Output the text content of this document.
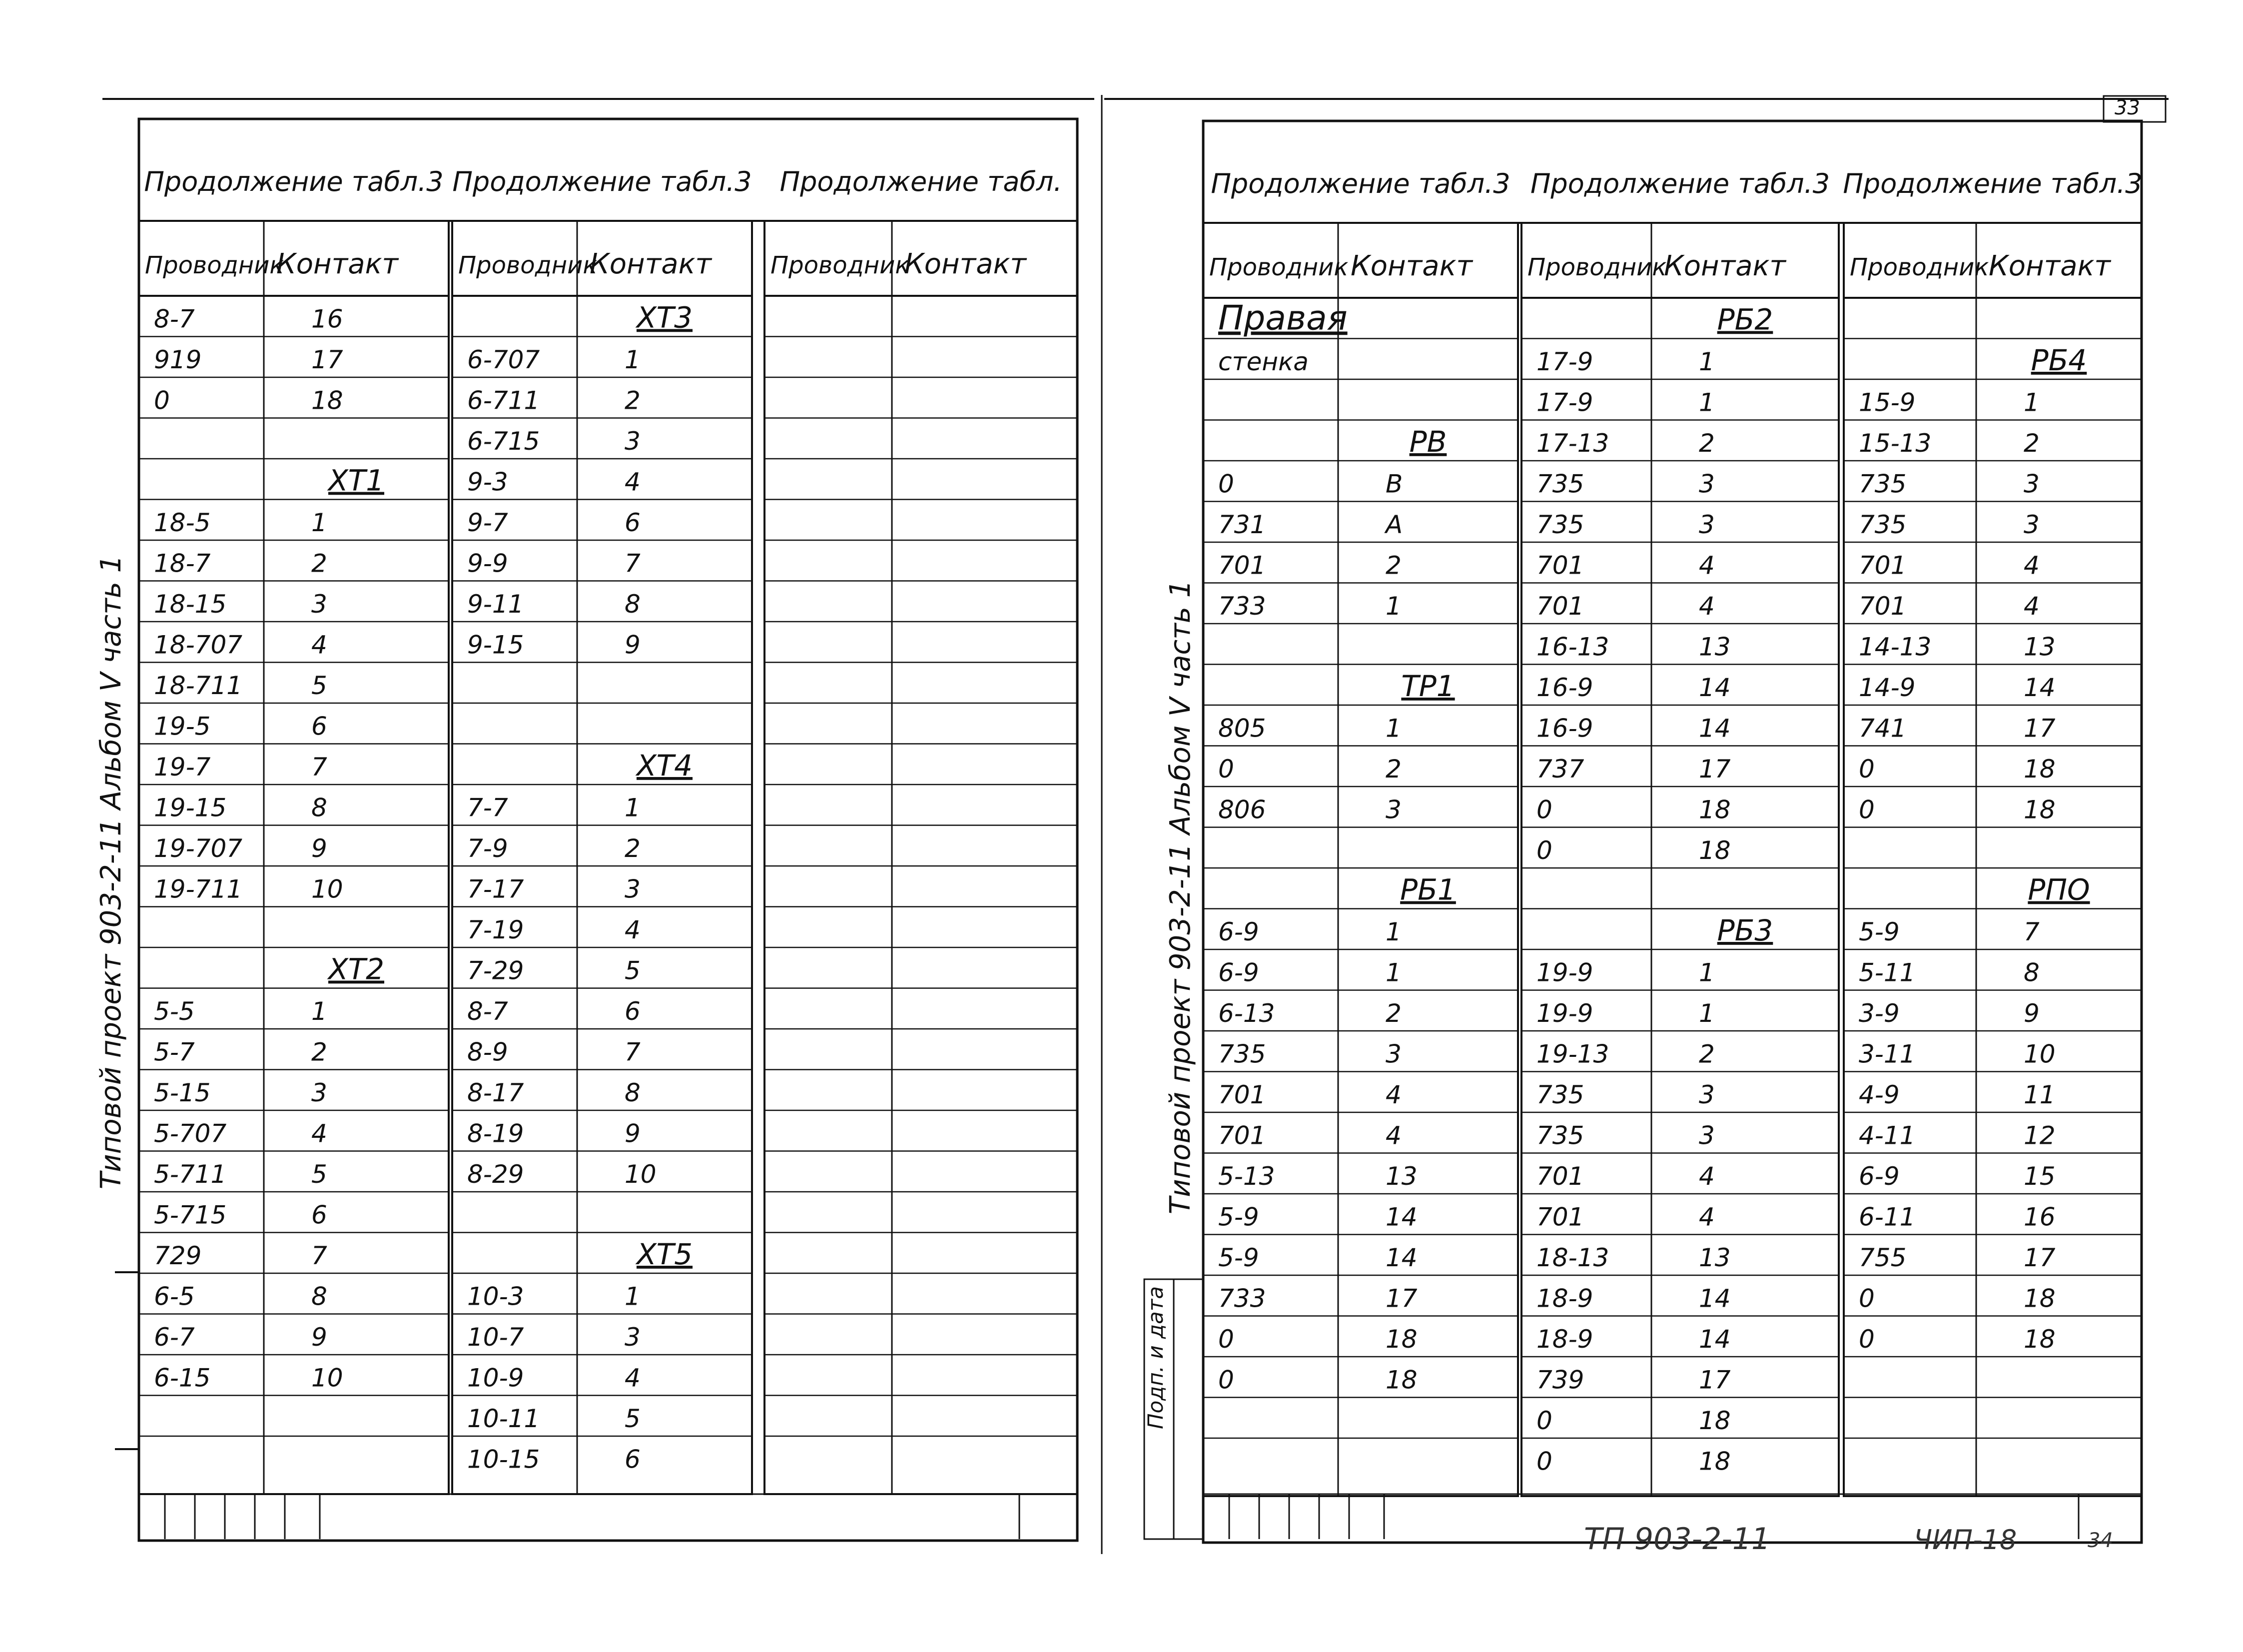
Продолжение табл.3
Проводник
Контакт
8-7	16
919	17
0	18
ХТ1
18-5	1
18-7	2
18-15	3
18-707	4
18-711	5
19-5	6
19-7	7
19-15	8
19-707	9
19-711	10
ХТ2
5-5	1
5-7	2
5-15	3
5-707	4
5-711	5
5-715	6
729	7
6-5	8
6-7	9
6-15	10
Продолжение табл.3
Проводник
Контакт
ХТ3
6-707	1
6-711	2
6-715	3
9-3	4
9-7	6
9-9	7
9-11	8
9-15	9
ХТ4
7-7	1
7-9	2
7-17	3
7-19	4
7-29	5
8-7	6
8-9	7
8-17	8
8-19	9
8-29	10
ХТ5
10-3	1
10-7	3
10-9	4
10-11	5
10-15	6
Продолжение табл.
Проводник
Контакт
Продолжение табл.3
Проводник Контакт
Правая
стенка
РВ
0	В
731	А
701	2
733	1
ТР1
805	1
0	2
806	3
РБ1
6-9	1
6-9	1
6-13	2
735	3
701	4
701	4
5-13	13
5-9	14
5-9	14
733	17
0	18
0	18
Продолжение табл.3
Проводник
Контакт
РБ2
17-9	1
17-9	1
17-13	2
735	3
735	3
701	4
701	4
16-13	13
16-9	14
16-9	14
737	17
0	18
0	18
РБ3
19-9	1
19-9	1
19-13	2
735	3
735	3
701	4
701	4
18-13	13
18-9	14
18-9	14
739	17
0	18
0	18
Продолжение табл.3
Проводник Контакт
РБ4
15-9	1
15-13	2
735	3
735	3
701	4
701	4
14-13	13
14-9	14
741	17
0	18
0	18
РПО
5-9	7
5-11	8
3-9	9
3-11	10
4-9	11
4-11	12
6-9	15
6-11	16
755	17
0	18
0	18
33
Альбом V часть 1
Типовой проект 903-2-11	Типовой проект 903-2-11 Альбом V часть 1
Подп. и дата
ТП 903-2-11	ЧИП-18	34
